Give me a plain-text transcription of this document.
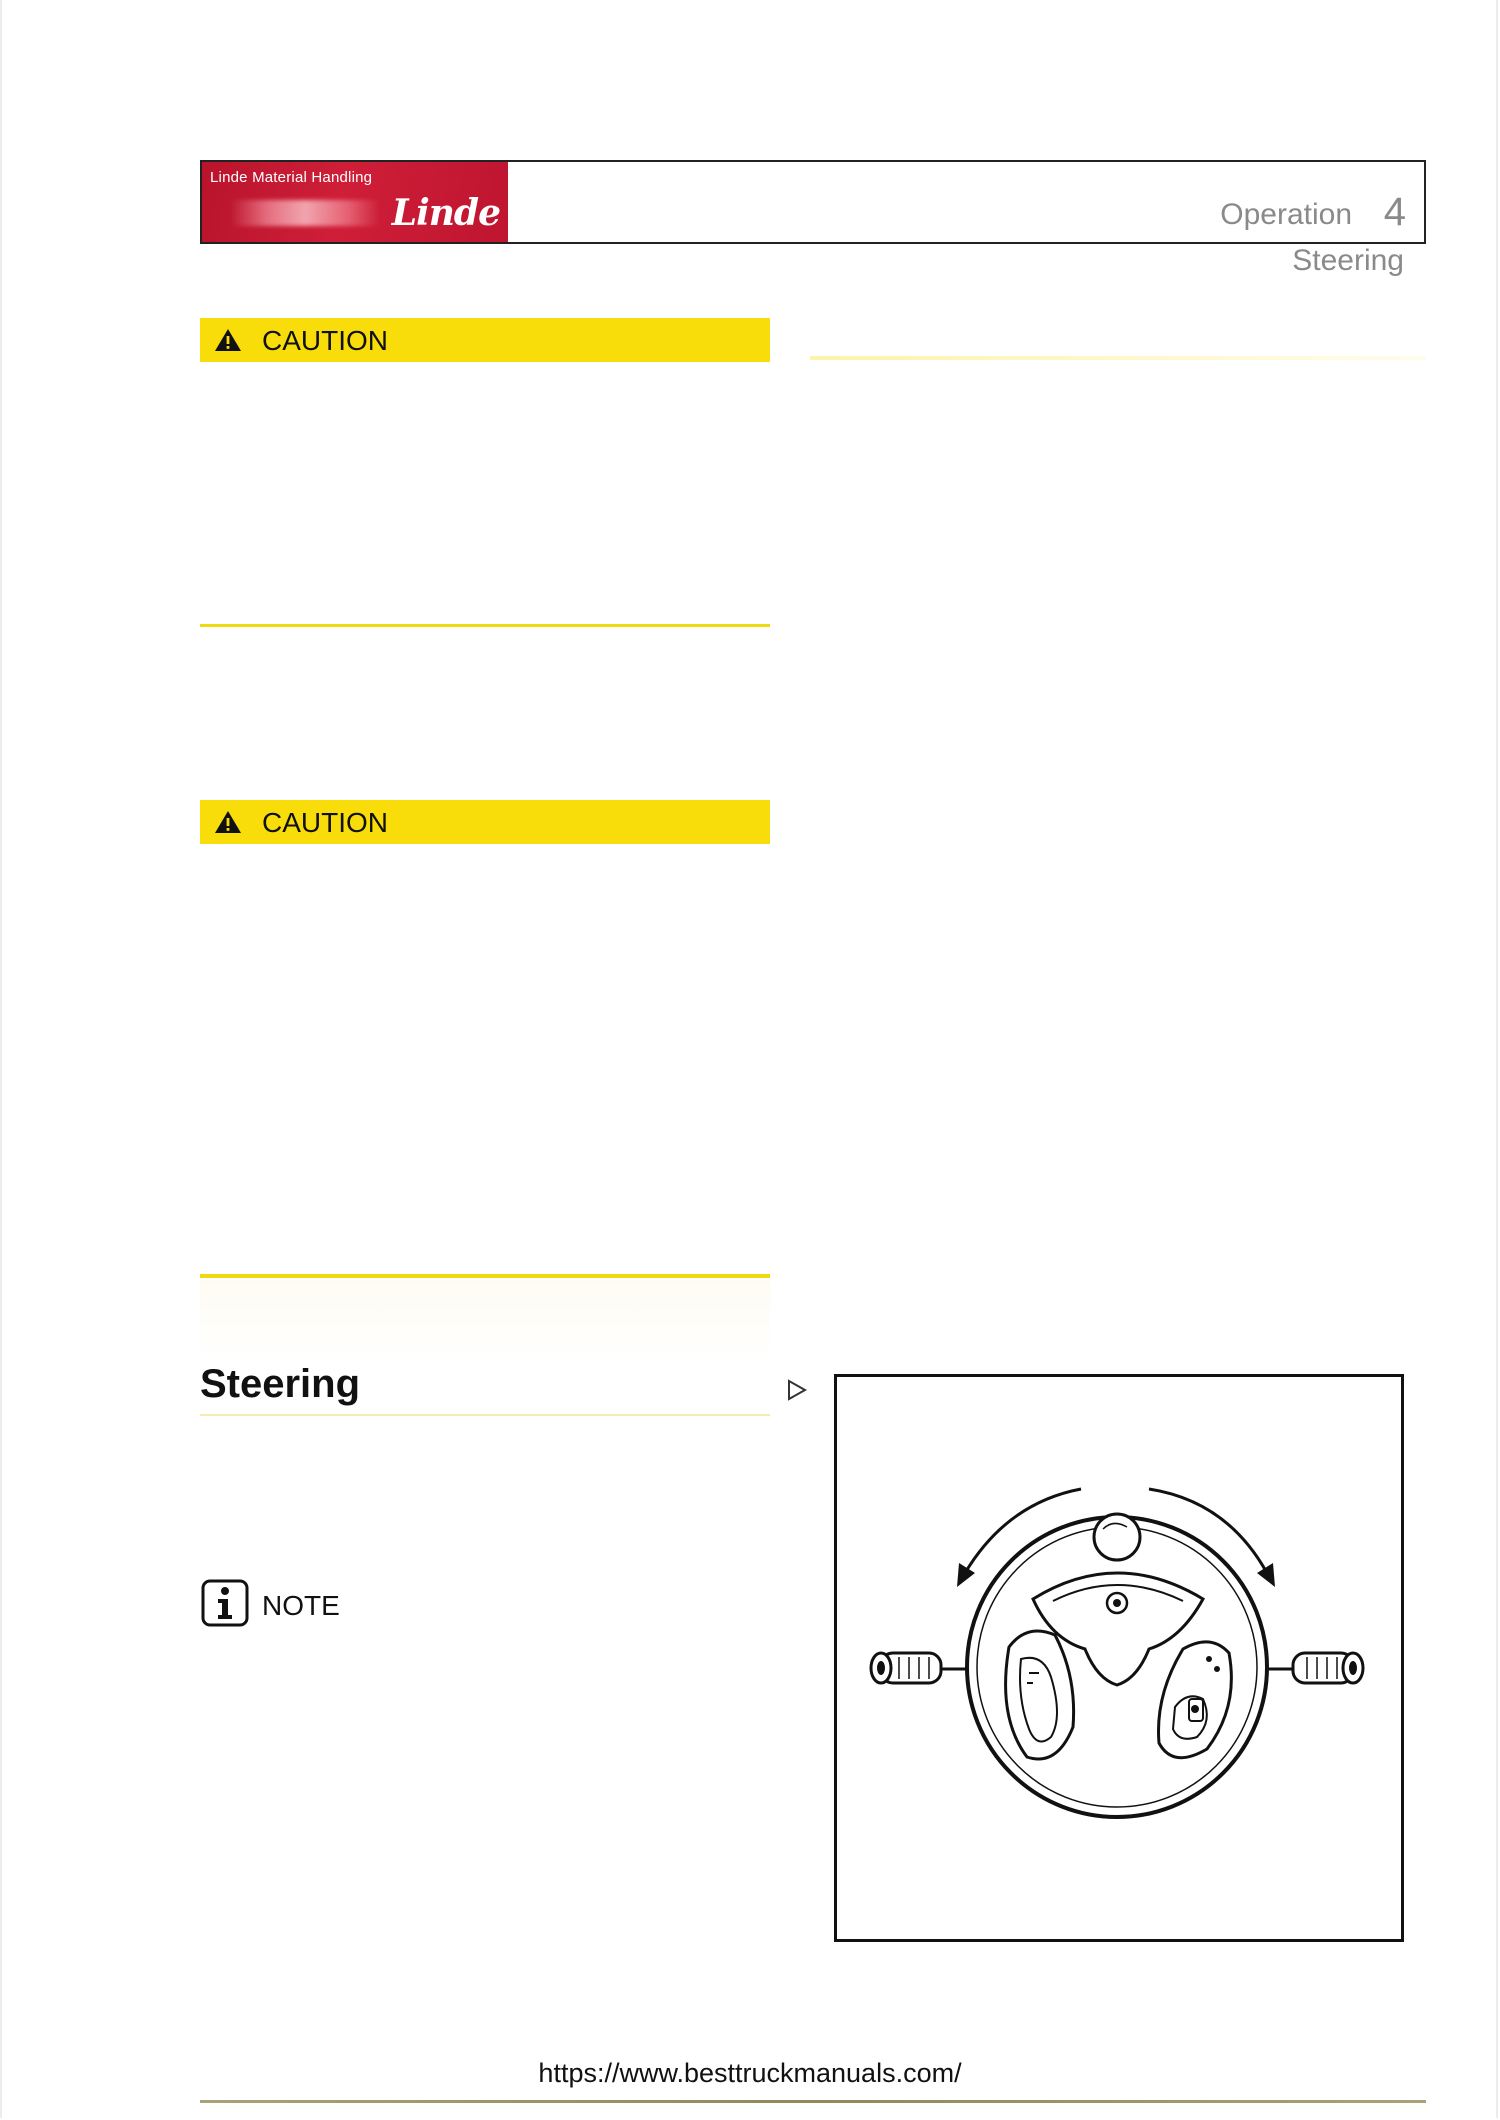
Linde Material Handling
Linde	Operation 4
Steering
CAUTION
CAUTION
Steering
NOTE
https://www.besttruckmanuals.com/
